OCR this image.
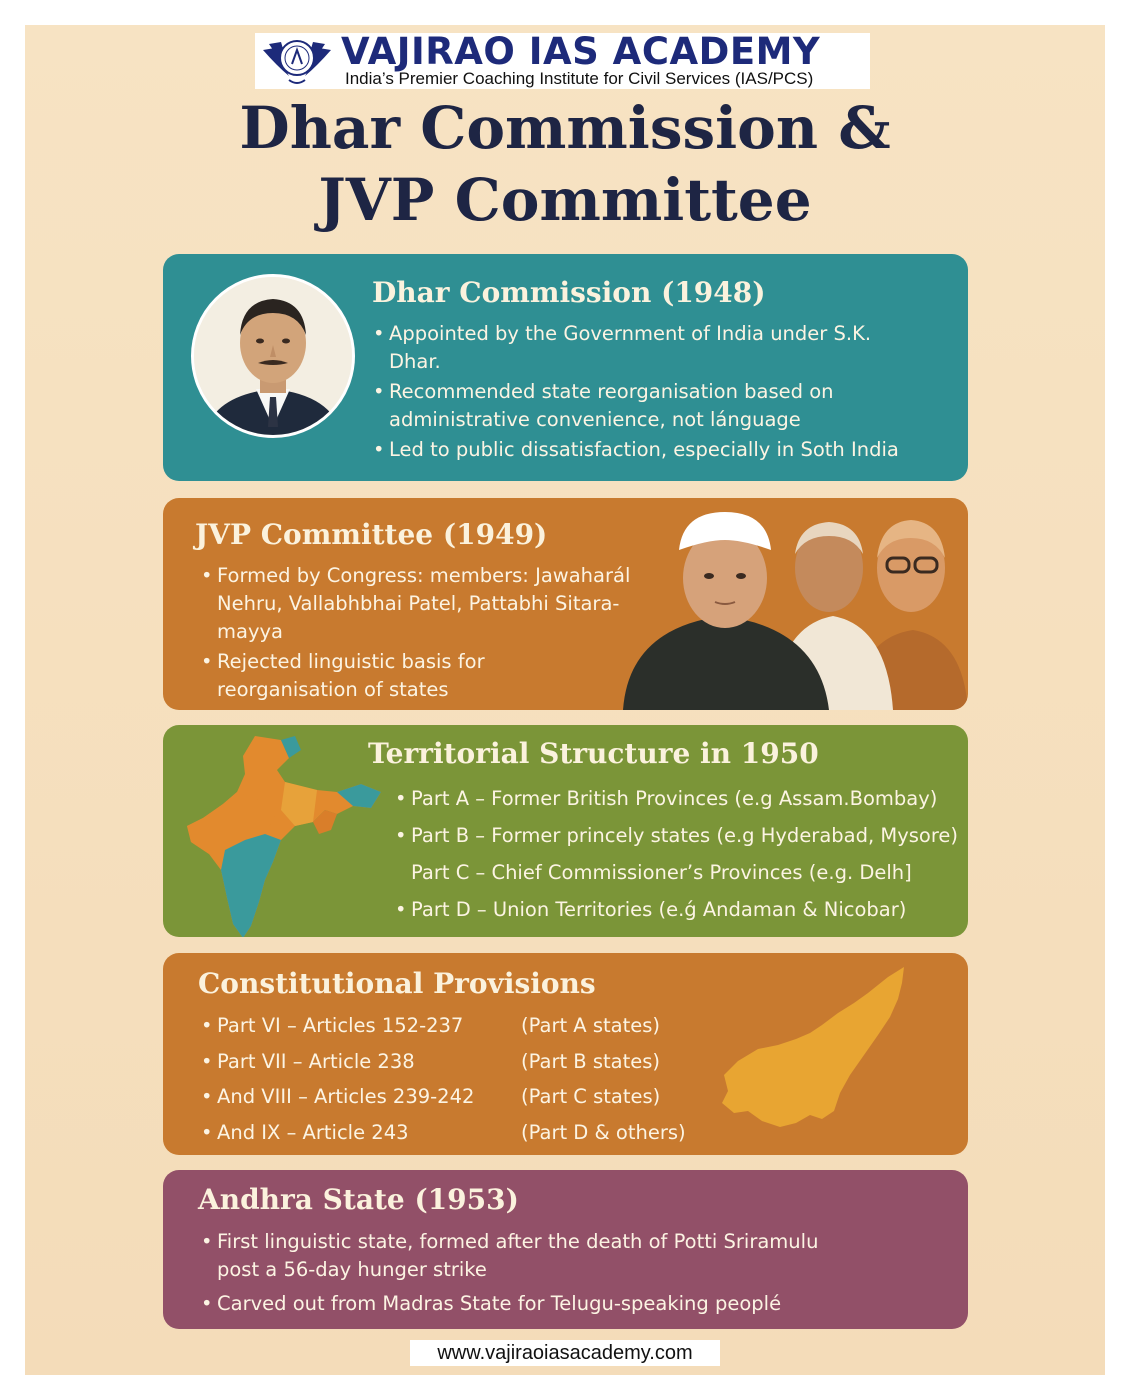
VAJIRAO IAS ACADEMY
India’s Premier Coaching Institute for Civil Services (IAS/PCS)
Dhar Commission &
JVP Committee
Dhar Commission (1948)
• Appointed by the Government of India under S.K.
Dhar.
• Recommended state reorganisation based on
administrative convenience, not lánguage
• Led to public dissatisfaction, especially in Soth India
JVP Committee (1949)
• Formed by Congress: members: Jawaharál
Nehru, Vallabhbhai Patel, Pattabhi Sitara-
mayya
• Rejected linguistic basis for
reorganisation of states
Territorial Structure in 1950
• Part A – Former British Provinces (e.g Assam.Bombay)
• Part B – Former princely states (e.g Hyderabad, Mysore)
Part C – Chief Commissioner’s Provinces (e.g. Delh]
• Part D – Union Territories (e.ǵ Andaman & Nicobar)
Constitutional Provisions
• Part VI – Articles 152-237	(Part A states)
• Part VII – Article 238	(Part B states)
• And VIII – Articles 239-242 (Part C states)
• And IX – Article 243	(Part D & others)
Andhra State (1953)
• First linguistic state, formed after the death of Potti Sriramulu
post a 56-day hunger strike
• Carved out from Madras State for Telugu-speaking peoplé
www.vajiraoiasacademy.com
